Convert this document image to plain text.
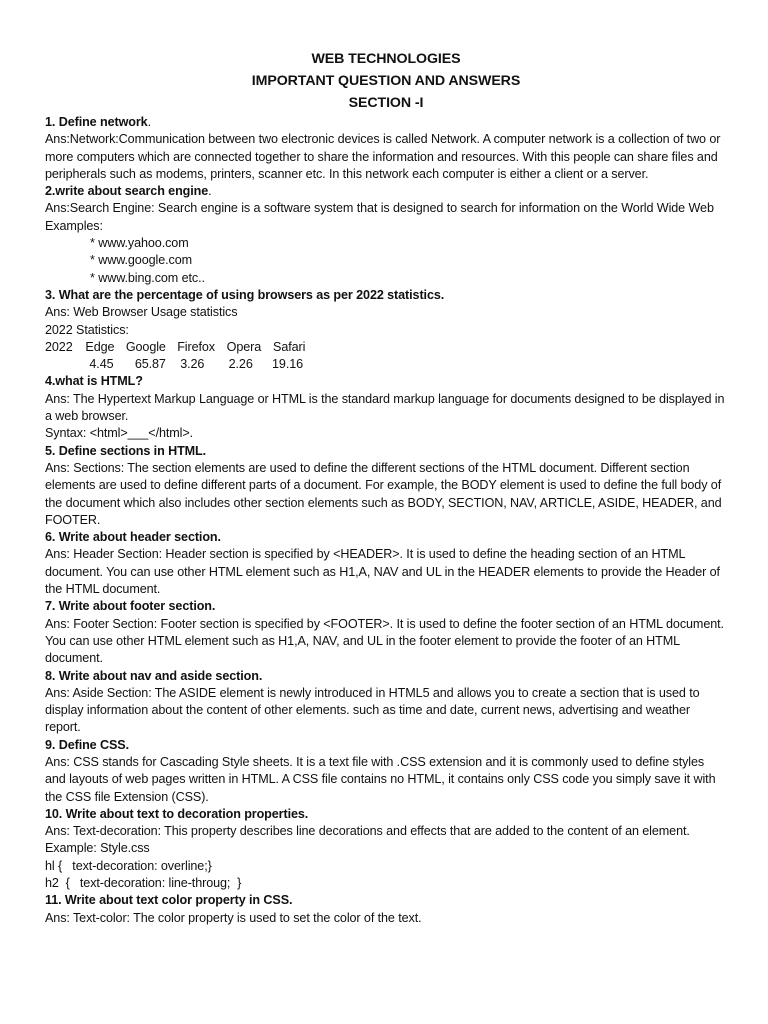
WEB TECHNOLOGIES
IMPORTANT QUESTION AND ANSWERS
SECTION -I
1. Define network.
Ans:Network:Communication between two electronic devices is called Network. A computer network is a collection of two or more computers which are connected together to share the information and resources. With this people can share files and peripherals such as modems, printers, scanner etc. In this network each computer is either a client or a server.
2.write about search engine.
Ans:Search Engine: Search engine is a software system that is designed to search for information on the World Wide Web
Examples:
* www.yahoo.com
* www.google.com
* www.bing.com etc..
3. What are the percentage of using browsers as per 2022 statistics.
Ans: Web Browser Usage statistics
2022 Statistics:
2022 Edge Google Firefox Opera Safari
4.45 65.87 3.26 2.26 19.16
4.what is HTML?
Ans: The Hypertext Markup Language or HTML is the standard markup language for documents designed to be displayed in a web browser.
Syntax: <html>___</html>.
5. Define sections in HTML.
Ans: Sections: The section elements are used to define the different sections of the HTML document. Different section elements are used to define different parts of a document. For example, the BODY element is used to define the full body of the document which also includes other section elements such as BODY, SECTION, NAV, ARTICLE, ASIDE, HEADER, and FOOTER.
6. Write about header section.
Ans: Header Section: Header section is specified by <HEADER>. It is used to define the heading section of an HTML document. You can use other HTML element such as H1,A, NAV and UL in the HEADER elements to provide the Header of the HTML document.
7. Write about footer section.
Ans: Footer Section: Footer section is specified by <FOOTER>. It is used to define the footer section of an HTML document. You can use other HTML element such as H1,A, NAV, and UL in the footer element to provide the footer of an HTML document.
8. Write about nav and aside section.
Ans: Aside Section: The ASIDE element is newly introduced in HTML5 and allows you to create a section that is used to display information about the content of other elements. such as time and date, current news, advertising and weather report.
9. Define CSS.
Ans: CSS stands for Cascading Style sheets. It is a text file with .CSS extension and it is commonly used to define styles and layouts of web pages written in HTML. A CSS file contains no HTML, it contains only CSS code you simply save it with the CSS file Extension (CSS).
10. Write about text to decoration properties.
Ans: Text-decoration: This property describes line decorations and effects that are added to the content of an element.
Example: Style.css
hl {   text-decoration: overline;}
h2  {   text-decoration: line-throug;  }
11. Write about text color property in CSS.
Ans: Text-color: The color property is used to set the color of the text.
